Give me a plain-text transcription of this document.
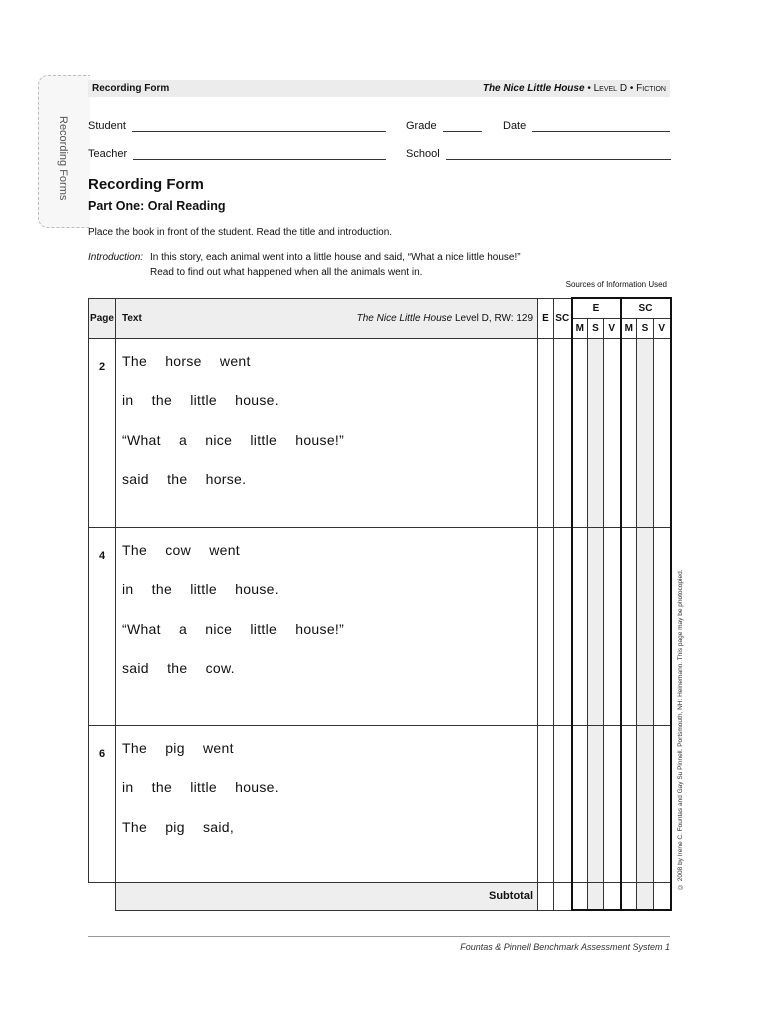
Recording Forms
Recording Form	The Nice Little House • Level D • Fiction
Student	Grade	Date
Teacher	School
Recording Form
Part One: Oral Reading
Place the book in front of the student. Read the title and introduction.
Introduction: In this story, each animal went into a little house and said, “What a nice little house!”
Read to find out what happened when all the animals went in.
Sources of Information Used
Page	Text The Nice Little House Level D, RW: 129	E	SC	E			SC		
				M	S	V	M	S	V
2	The horse went
in the little house.
“What a nice little house!”
said the horse.								

4	The cow went
in the little house.
“What a nice little house!”
said the cow.								

6	The pig went
in the little house.
The pig said,								

	Subtotal								
© 2008 by Irene C. Fountas and Gay Su Pinnell. Portsmouth, NH: Heinemann. This page may be photocopied.
Fountas & Pinnell Benchmark Assessment System 1
